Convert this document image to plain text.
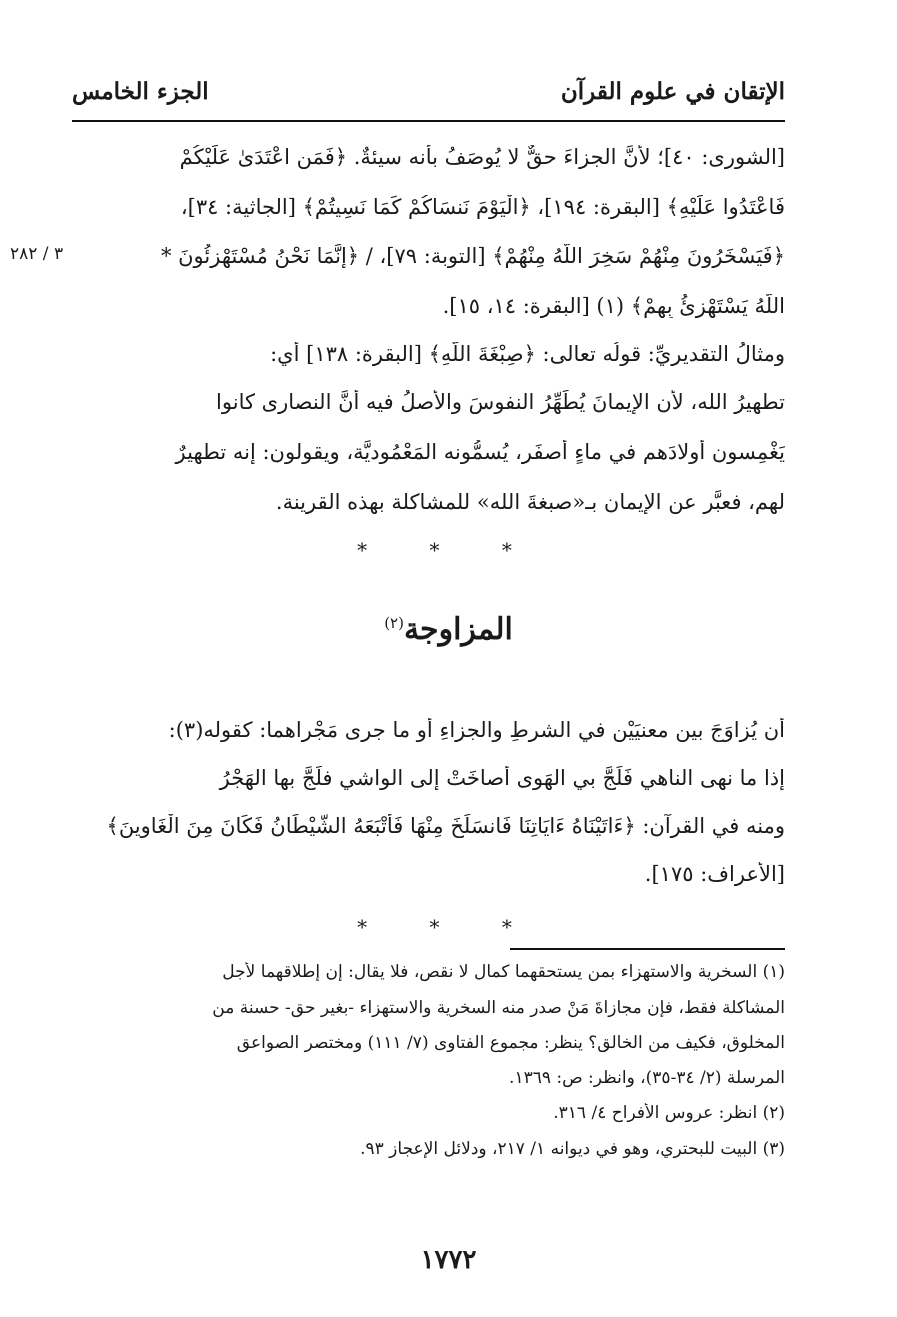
الإتقان في علوم القرآن
الجزء الخامس
٣ / ٢٨٢
[الشورى: ٤٠]؛ لأنَّ الجزاءَ حقٌّ لا يُوصَفُ بأنه سيئةٌ. ﴿فَمَنِ اعْتَدَىٰ عَلَيْكُمْ
فَاعْتَدُوا عَلَيْهِ﴾ [البقرة: ١٩٤]، ﴿الْيَوْمَ نَنسَاكُمْ كَمَا نَسِيتُمْ﴾ [الجاثية: ٣٤]،
﴿فَيَسْخَرُونَ مِنْهُمْ سَخِرَ اللَّهُ مِنْهُمْ﴾ [التوبة: ٧٩]، / ﴿إِنَّمَا نَحْنُ مُسْتَهْزِئُونَ *
اللَّهُ يَسْتَهْزِئُ بِهِمْ﴾ (١) [البقرة: ١٤، ١٥].
ومثالُ التقديريِّ: قولُه تعالى: ﴿صِبْغَةَ اللَّهِ﴾ [البقرة: ١٣٨] أي:
تطهيرُ الله، لأن الإيمانَ يُطَهِّرُ النفوسَ والأصلُ فيه أنَّ النصارى كانوا
يَغْمِسون أولادَهم في ماءٍ أصفَر، يُسمُّونه المَعْمُوديَّة، ويقولون: إنه تطهيرٌ
لهم، فعبَّر عن الإيمانِ بـ«صبغةَ الله» للمشاكلة بهذه القرينة.
* * *
المزاوجة$^{(٢)}$
أن يُزاوَجَ بين معنيَيْن في الشرطِ والجزاءِ أو ما جرى مَجْراهما: كقوله(٣):
إذا ما نهى الناهي فَلَجَّ بي الهَوى أصاخَتْ إلى الواشي فلَجَّ بها الهَجْرُ
ومنه في القرآن: ﴿ءَاتَيْنَاهُ ءَايَاتِنَا فَانسَلَخَ مِنْهَا فَأَتْبَعَهُ الشَّيْطَانُ فَكَانَ مِنَ الْغَاوِينَ﴾
[الأعراف: ١٧٥].
* * *
(١) السخرية والاستهزاء بمن يستحقهما كمال لا نقص، فلا يقال: إن إطلاقهما لأجل
المشاكلة فقط، فإن مجازاةَ مَنْ صدر منه السخرية والاستهزاء -بغير حق- حسنة من
المخلوق، فكيف من الخالق؟ ينظر: مجموع الفتاوى (٧/ ١١١) ومختصر الصواعق
المرسلة (٢/ ٣٤-٣٥)، وانظر: ص: ١٣٦٩.
(٢) انظر: عروس الأفراح ٤/ ٣١٦.
(٣) البيت للبحتري، وهو في ديوانه ١/ ٢١٧، ودلائل الإعجاز ٩٣.
١٧٧٢
